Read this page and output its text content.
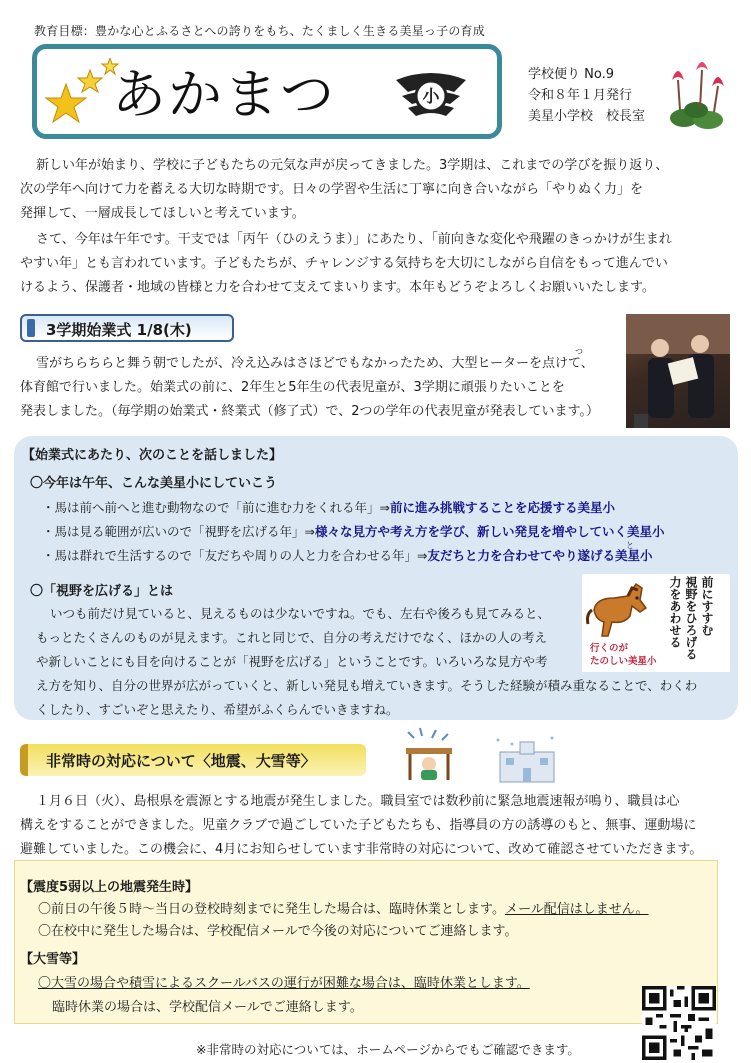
教育目標：豊かな心とふるさとへの誇りをもち、たくましく生きる美星っ子の育成
あかまつ	小
学校便り No.9
令和８年１月発行
美星小学校　校長室
新しい年が始まり、学校に子どもたちの元気な声が戻ってきました。3学期は、これまでの学びを振り返り、
次の学年へ向けて力を蓄える大切な時期です。日々の学習や生活に丁寧に向き合いながら「やりぬく力」を
発揮して、一層成長してほしいと考えています。
さて、今年は午年です。干支では「丙午（ひのえうま）」にあたり、「前向きな変化や飛躍のきっかけが生まれ
やすい年」とも言われています。子どもたちが、チャレンジする気持ちを大切にしながら自信をもって進んでい
けるよう、保護者・地域の皆様と力を合わせて支えてまいります。本年もどうぞよろしくお願いいたします。
3学期始業式 1/8(木)
つ
雪がちらちらと舞う朝でしたが、冷え込みはさほどでもなかったため、大型ヒーターを点けて、
体育館で行いました。始業式の前に、2年生と5年生の代表児童が、3学期に頑張りたいことを
発表しました。（毎学期の始業式・終業式（修了式）で、2つの学年の代表児童が発表しています。）
【始業式にあたり、次のことを話しました】
〇今年は午年、こんな美星小にしていこう
・馬は前へ前へと進む動物なので「前に進む力をくれる年」⇒前に進み挑戦することを応援する美星小
・馬は見る範囲が広いので「視野を広げる年」⇒様々な見方や考え方を学び、新しい発見を増やしていく美星小
と
・馬は群れで生活するので「友だちや周りの人と力を合わせる年」⇒友だちと力を合わせてやり遂げる美星小
〇「視野を広げる」とは
いつも前だけ見ていると、見えるものは少ないですね。でも、左右や後ろも見てみると、
もっとたくさんのものが見えます。これと同じで、自分の考えだけでなく、ほかの人の考え
や新しいことにも目を向けることが「視野を広げる」ということです。いろいろな見方や考
え方を知り、自分の世界が広がっていくと、新しい発見も増えていきます。そうした経験が積み重なることで、わくわ
くしたり、すごいぞと思えたり、希望がふくらんでいきますね。
前にすすむ
視野をひろげる
力をあわせる
行くのが
たのしい美星小
非常時の対応について〈地震、大雪等〉
１月６日（火）、島根県を震源とする地震が発生しました。職員室では数秒前に緊急地震速報が鳴り、職員は心
構えをすることができました。児童クラブで過ごしていた子どもたちも、指導員の方の誘導のもと、無事、運動場に
避難していました。この機会に、4月にお知らせしています非常時の対応について、改めて確認させていただきます。
【震度5弱以上の地震発生時】
〇前日の午後５時～当日の登校時刻までに発生した場合は、臨時休業とします。メール配信はしません。
〇在校中に発生した場合は、学校配信メールで今後の対応についてご連絡します。
【大雪等】
〇大雪の場合や積雪によるスクールバスの運行が困難な場合は、臨時休業とします。
臨時休業の場合は、学校配信メールでご連絡します。
※非常時の対応については、ホームページからでもご確認できます。
